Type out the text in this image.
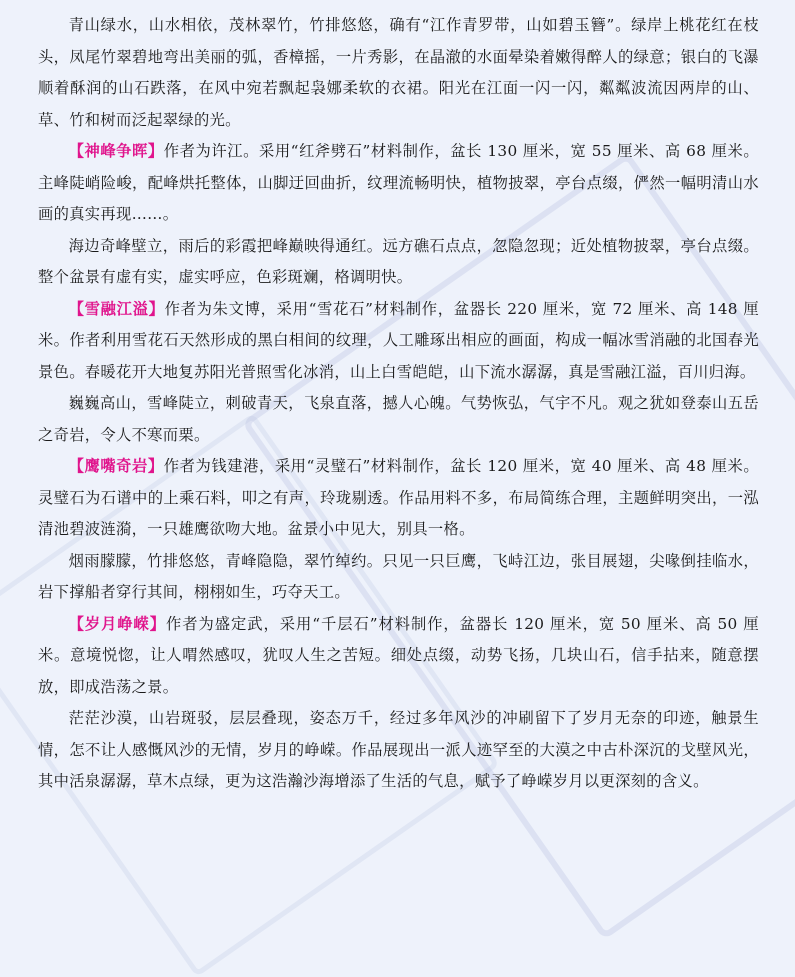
青山绿水，山水相依，茂林翠竹，竹排悠悠，确有“江作青罗带，山如碧玉簪”。绿岸上桃花红在枝头，凤尾竹翠碧地弯出美丽的弧，香樟摇，一片秀影，在晶澈的水面晕染着嫩得醉人的绿意；银白的飞瀑顺着酥润的山石跌落，在风中宛若飘起袅娜柔软的衣裙。阳光在江面一闪一闪，粼粼波流因两岸的山、草、竹和树而泛起翠绿的光。

【神峰争晖】作者为许江。采用“红斧劈石”材料制作，盆长 130 厘米，宽 55 厘米、高 68 厘米。主峰陡峭险峻，配峰烘托整体，山脚迂回曲折，纹理流畅明快，植物披翠，亭台点缀，俨然一幅明清山水画的真实再现……。

海边奇峰壁立，雨后的彩霞把峰巅映得通红。远方礁石点点，忽隐忽现；近处植物披翠，亭台点缀。整个盆景有虚有实，虚实呼应，色彩斑斓，格调明快。

【雪融江溢】作者为朱文博，采用“雪花石”材料制作，盆器长 220 厘米，宽 72 厘米、高 148 厘米。作者利用雪花石天然形成的黑白相间的纹理，人工雕琢出相应的画面，构成一幅冰雪消融的北国春光景色。春暖花开大地复苏阳光普照雪化冰消，山上白雪皑皑，山下流水潺潺，真是雪融江溢，百川归海。

巍巍高山，雪峰陡立，刺破青天，飞泉直落，撼人心魄。气势恢弘，气宇不凡。观之犹如登泰山五岳之奇岩，令人不寒而栗。

【鹰嘴奇岩】作者为钱建港，采用“灵璧石”材料制作，盆长 120 厘米，宽 40 厘米、高 48 厘米。灵璧石为石谱中的上乘石料，叩之有声，玲珑剔透。作品用料不多，布局简练合理，主题鲜明突出，一泓清池碧波涟漪，一只雄鹰欲吻大地。盆景小中见大，别具一格。

烟雨朦朦，竹排悠悠，青峰隐隐，翠竹绰约。只见一只巨鹰，飞峙江边，张目展翅，尖喙倒挂临水，岩下撑船者穿行其间，栩栩如生，巧夺天工。

【岁月峥嵘】作者为盛定武，采用“千层石”材料制作，盆器长 120 厘米，宽 50 厘米、高 50 厘米。意境悦惚，让人喟然感叹，犹叹人生之苦短。细处点缀，动势飞扬，几块山石，信手拈来，随意摆放，即成浩荡之景。

茫茫沙漠，山岩斑驳，层层叠现，姿态万千，经过多年风沙的冲刷留下了岁月无奈的印迹，触景生情，怎不让人感慨风沙的无情，岁月的峥嵘。作品展现出一派人迹罕至的大漠之中古朴深沉的戈壁风光，其中活泉潺潺，草木点绿，更为这浩瀚沙海增添了生活的气息，赋予了峥嵘岁月以更深刻的含义。
